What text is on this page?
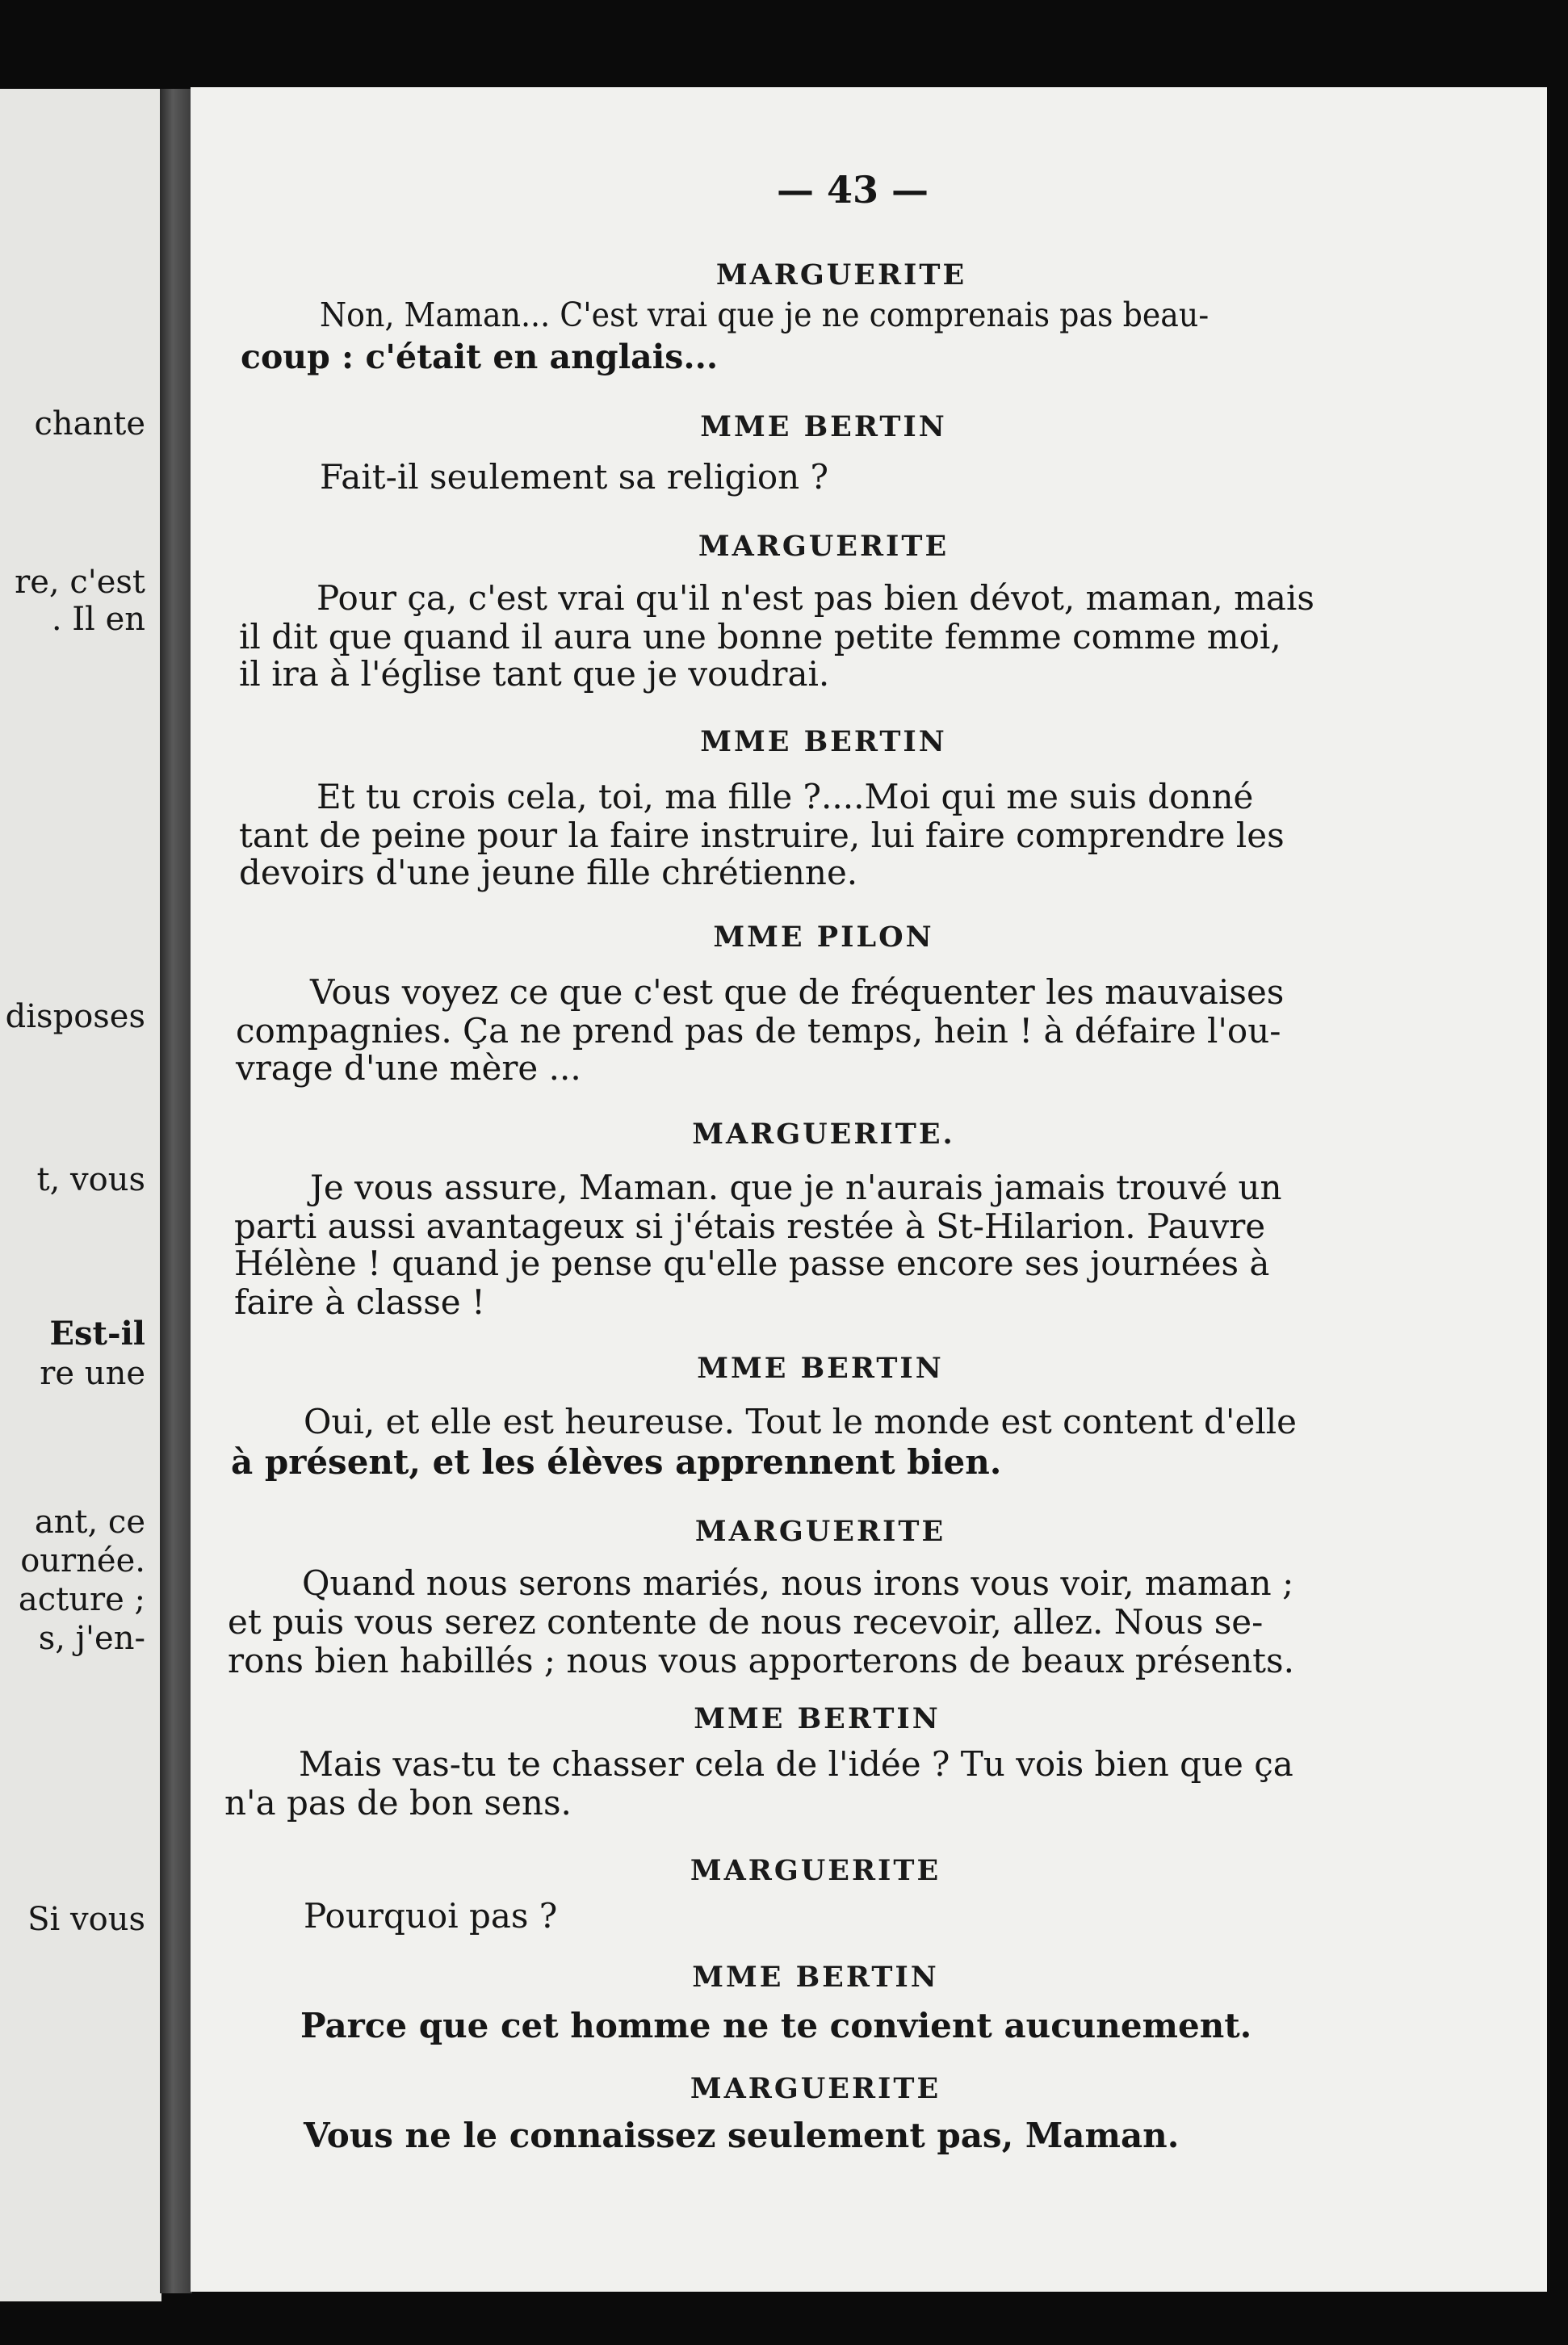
chante
re, c'est
. Il en
disposes
t, vous
Est-il
re une
ant, ce
ournée.
acture ;
s, j'en-
Si vous
— 43 —
MARGUERITE
Non, Maman... C'est vrai que je ne comprenais pas beau-
coup : c'était en anglais...
MME BERTIN
Fait-il seulement sa religion ?
MARGUERITE
Pour ça, c'est vrai qu'il n'est pas bien dévot, maman, mais
il dit que quand il aura une bonne petite femme comme moi,
il ira à l'église tant que je voudrai.
MME BERTIN
Et tu crois cela, toi, ma fille ?....Moi qui me suis donné
tant de peine pour la faire instruire, lui faire comprendre les
devoirs d'une jeune fille chrétienne.
MME PILON
Vous voyez ce que c'est que de fréquenter les mauvaises
compagnies. Ça ne prend pas de temps, hein ! à défaire l'ou-
vrage d'une mère ...
MARGUERITE.
Je vous assure, Maman. que je n'aurais jamais trouvé un
parti aussi avantageux si j'étais restée à St-Hilarion. Pauvre
Hélène ! quand je pense qu'elle passe encore ses journées à
faire à classe !
MME BERTIN
Oui, et elle est heureuse. Tout le monde est content d'elle
à présent, et les élèves apprennent bien.
MARGUERITE
Quand nous serons mariés, nous irons vous voir, maman ;
et puis vous serez contente de nous recevoir, allez. Nous se-
rons bien habillés ; nous vous apporterons de beaux présents.
MME BERTIN
Mais vas-tu te chasser cela de l'idée ? Tu vois bien que ça
n'a pas de bon sens.
MARGUERITE
Pourquoi pas ?
MME BERTIN
Parce que cet homme ne te convient aucunement.
MARGUERITE
Vous ne le connaissez seulement pas, Maman.
